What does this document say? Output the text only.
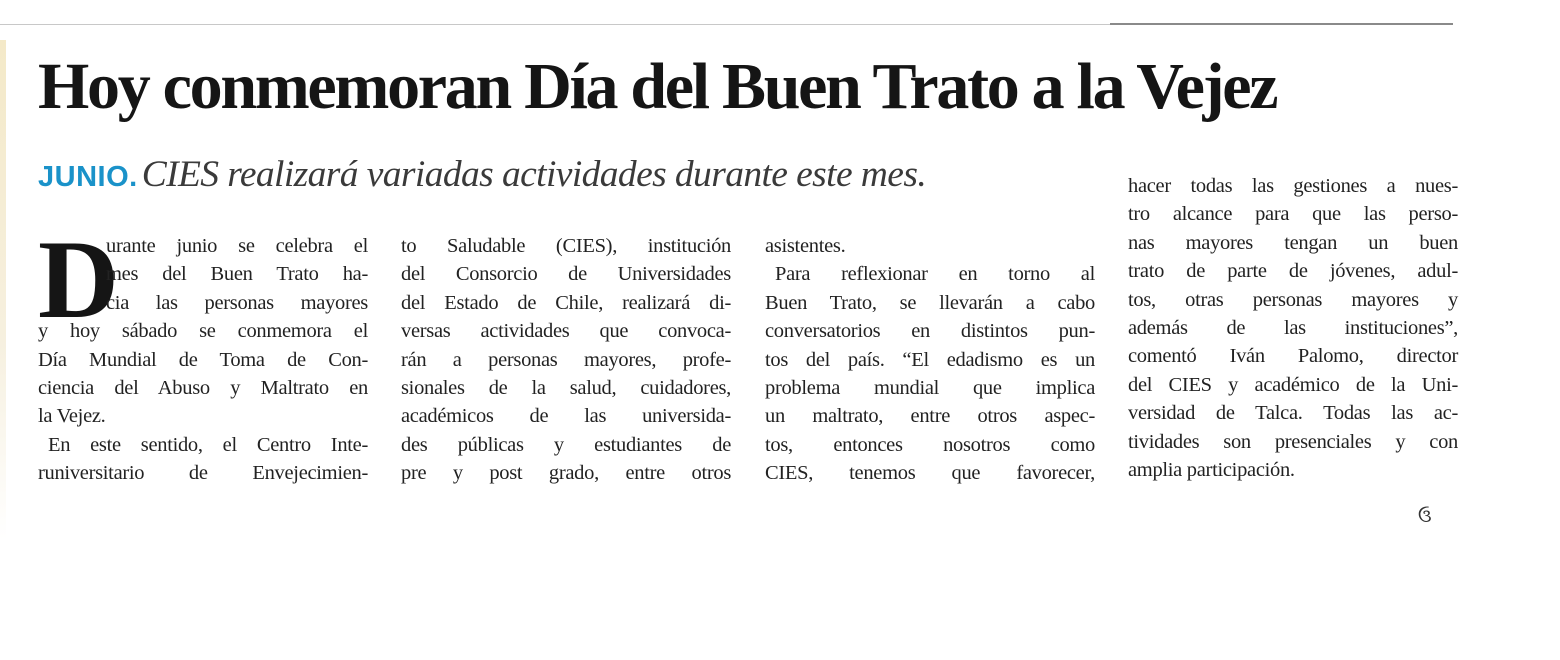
Hoy conmemoran Día del Buen Trato a la Vejez
JUNIO. CIES realizará variadas actividades durante este mes.
D
urante junio se celebra el
mes del Buen Trato ha-
cia las personas mayores
y hoy sábado se conmemora el
Día Mundial de Toma de Con-
ciencia del Abuso y Maltrato en
la Vejez.
En este sentido, el Centro Inte-
runiversitario de Envejecimien-
to Saludable (CIES), institución
del Consorcio de Universidades
del Estado de Chile, realizará di-
versas actividades que convoca-
rán a personas mayores, profe-
sionales de la salud, cuidadores,
académicos de las universida-
des públicas y estudiantes de
pre y post grado, entre otros
asistentes.
Para reflexionar en torno al
Buen Trato, se llevarán a cabo
conversatorios en distintos pun-
tos del país. “El edadismo es un
problema mundial que implica
un maltrato, entre otros aspec-
tos, entonces nosotros como
CIES, tenemos que favorecer,
hacer todas las gestiones a nues-
tro alcance para que las perso-
nas mayores tengan un buen
trato de parte de jóvenes, adul-
tos, otras personas mayores y
además de las instituciones”,
comentó Iván Palomo, director
del CIES y académico de la Uni-
versidad de Talca. Todas las ac-
tividades son presenciales y con
amplia participación.
ઉ
